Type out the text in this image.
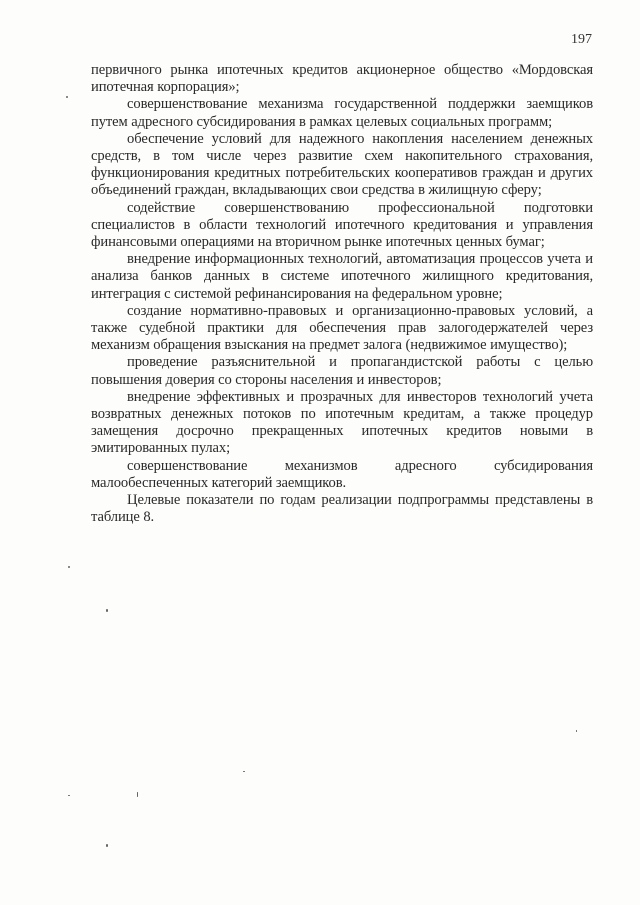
197

первичного рынка ипотечных кредитов акционерное общество «Мордовская ипотечная корпорация»;

совершенствование механизма государственной поддержки заемщиков путем адресного субсидирования в рамках целевых социальных программ;

обеспечение условий для надежного накопления населением денежных средств, в том числе через развитие схем накопительного страхования, функционирования кредитных потребительских кооперативов граждан и других объединений граждан, вкладывающих свои средства в жилищную сферу;

содействие совершенствованию профессиональной подготовки специалистов в области технологий ипотечного кредитования и управления финансовыми операциями на вторичном рынке ипотечных ценных бумаг;

внедрение информационных технологий, автоматизация процессов учета и анализа банков данных в системе ипотечного жилищного кредитования, интеграция с системой рефинансирования на федеральном уровне;

создание нормативно-правовых и организационно-правовых условий, а также судебной практики для обеспечения прав залогодержателей через механизм обращения взыскания на предмет залога (недвижимое имущество);

проведение разъяснительной и пропагандистской работы с целью повышения доверия со стороны населения и инвесторов;

внедрение эффективных и прозрачных для инвесторов технологий учета возвратных денежных потоков по ипотечным кредитам, а также процедур замещения досрочно прекращенных ипотечных кредитов новыми в эмитированных пулах;

совершенствование механизмов адресного субсидирования малообеспеченных категорий заемщиков.

Целевые показатели по годам реализации подпрограммы представлены в таблице 8.
